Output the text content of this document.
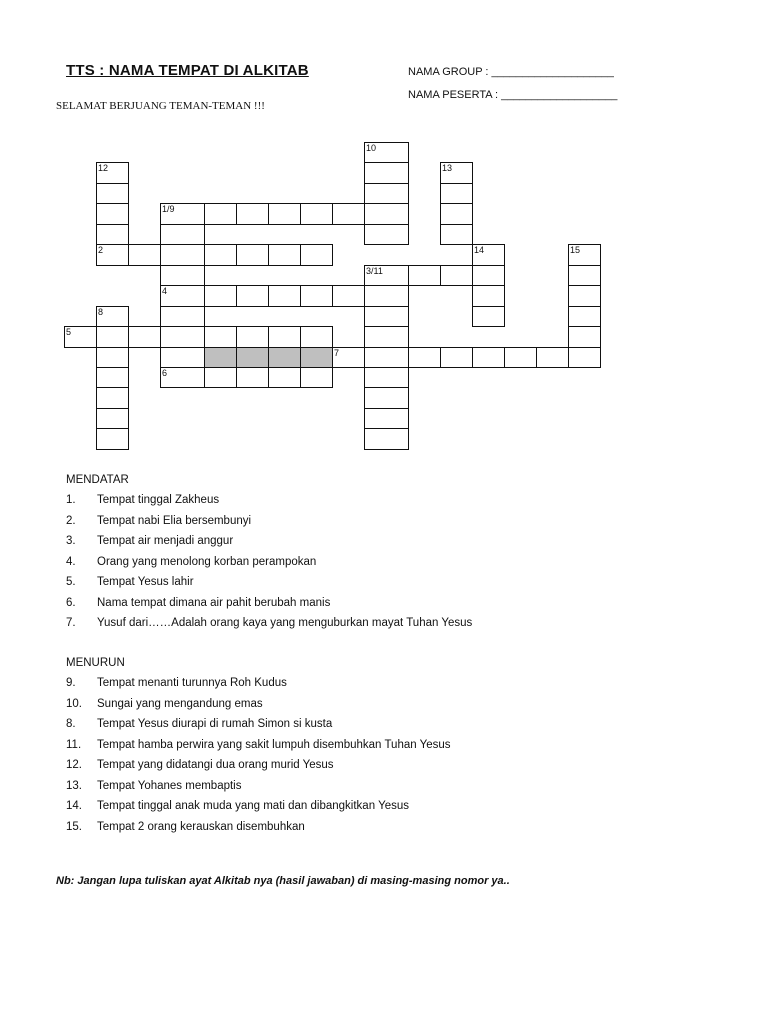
TTS : NAMA TEMPAT DI ALKITAB	NAMA GROUP : ____________________
NAMA PESERTA : ___________________
SELAMAT BERJUANG TEMAN-TEMAN !!!
1/9
2
3/11
4
5
6
10
12	13
14	15
8
7
MENDATAR
1. Tempat tinggal Zakheus
2. Tempat nabi Elia bersembunyi
3. Tempat air menjadi anggur
4. Orang yang menolong korban perampokan
5. Tempat Yesus lahir
6. Nama tempat dimana air pahit berubah manis
7. Yusuf dari……Adalah orang kaya yang menguburkan mayat Tuhan Yesus
MENURUN
9. Tempat menanti turunnya Roh Kudus
10. Sungai yang mengandung emas
8. Tempat Yesus diurapi di rumah Simon si kusta
11. Tempat hamba perwira yang sakit lumpuh disembuhkan Tuhan Yesus
12. Tempat yang didatangi dua orang murid Yesus
13. Tempat Yohanes membaptis
14. Tempat tinggal anak muda yang mati dan dibangkitkan Yesus
15. Tempat 2 orang kerauskan disembuhkan
Nb: Jangan lupa tuliskan ayat Alkitab nya (hasil jawaban) di masing-masing nomor ya..
